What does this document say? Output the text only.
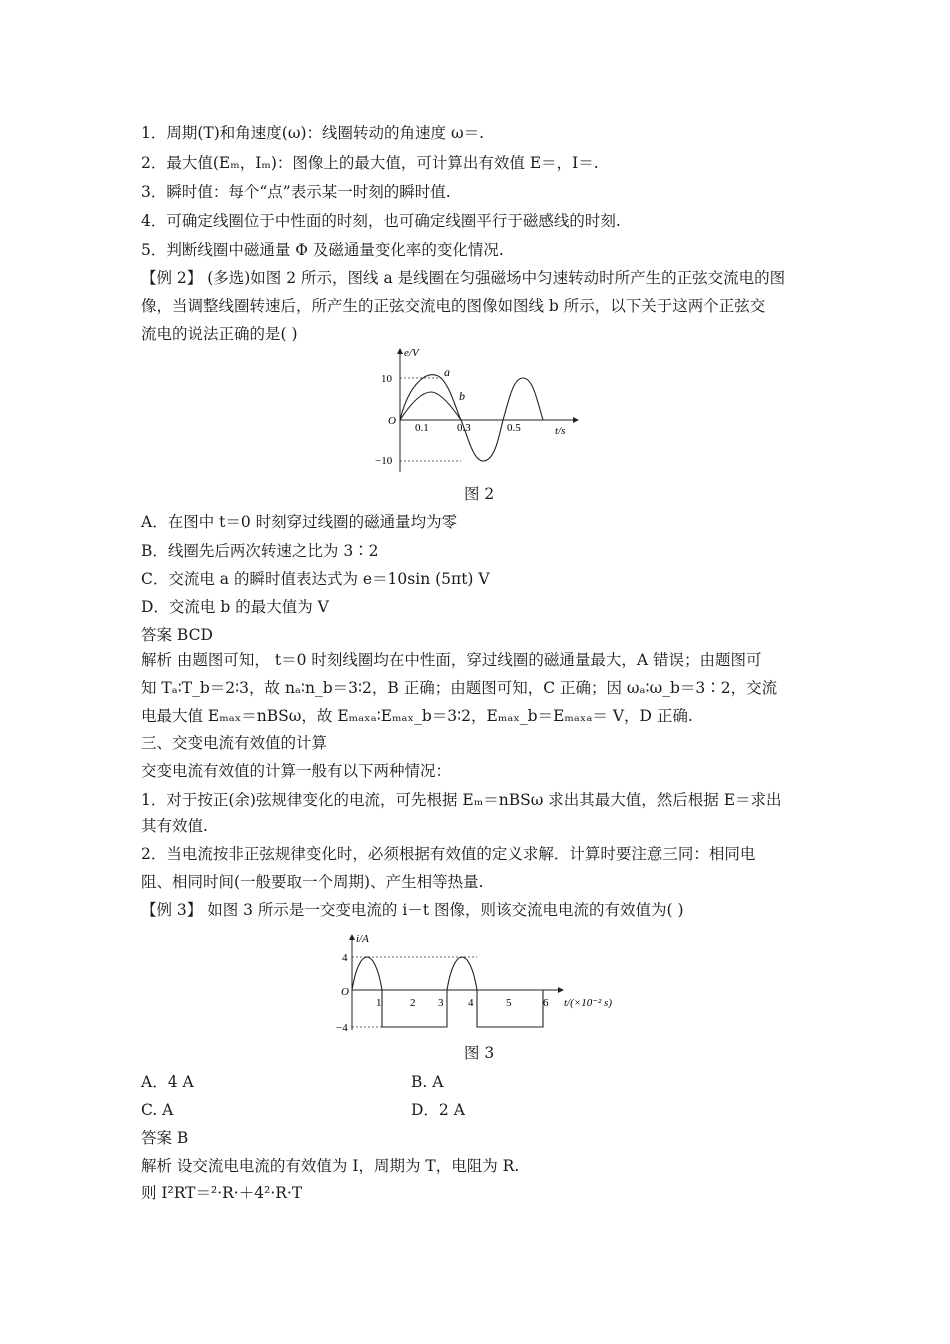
1．周期(T)和角速度(ω)：线圈转动的角速度 ω＝.
2．最大值(Eₘ，Iₘ)：图像上的最大值，可计算出有效值 E＝，I＝.
3．瞬时值：每个“点”表示某一时刻的瞬时值.
4．可确定线圈位于中性面的时刻，也可确定线圈平行于磁感线的时刻.
5．判断线圈中磁通量 Φ 及磁通量变化率的变化情况.
【例 2】 (多选)如图 2 所示，图线 a 是线圈在匀强磁场中匀速转动时所产生的正弦交流电的图
像，当调整线圈转速后，所产生的正弦交流电的图像如图线 b 所示，以下关于这两个正弦交
流电的说法正确的是( )
e/V
t/s
O
10
−10
0.1	0.3	0.5
a
b
图 2
A．在图中 t＝0 时刻穿过线圈的磁通量均为零
B．线圈先后两次转速之比为 3∶2
C．交流电 a 的瞬时值表达式为 e＝10sin (5πt) V
D．交流电 b 的最大值为 V
答案 BCD
解析 由题图可知， t＝0 时刻线圈均在中性面，穿过线圈的磁通量最大，A 错误；由题图可
知 Tₐ∶T_b＝2∶3，故 nₐ∶n_b＝3∶2，B 正确；由题图可知，C 正确；因 ωₐ∶ω_b＝3∶2，交流
电最大值 Eₘₐₓ＝nBSω，故 Eₘₐₓₐ∶Eₘₐₓ_b＝3∶2，Eₘₐₓ_b＝Eₘₐₓₐ＝ V，D 正确.
三、交变电流有效值的计算
交变电流有效值的计算一般有以下两种情况：
1．对于按正(余)弦规律变化的电流，可先根据 Eₘ＝nBSω 求出其最大值，然后根据 E＝求出
其有效值.
2．当电流按非正弦规律变化时，必须根据有效值的定义求解．计算时要注意三同：相同电
阻、相同时间(一般要取一个周期)、产生相等热量.
【例 3】 如图 3 所示是一交变电流的 i－t 图像，则该交流电电流的有效值为( )
i/A
O
4
−4
1	2 3 4	5	6 t/(×10⁻² s)
图 3
A．4 A	B. A
C. A	D．2 A
答案 B
解析 设交流电电流的有效值为 I，周期为 T，电阻为 R.
则 I²RT＝²·R·＋4²·R·T
